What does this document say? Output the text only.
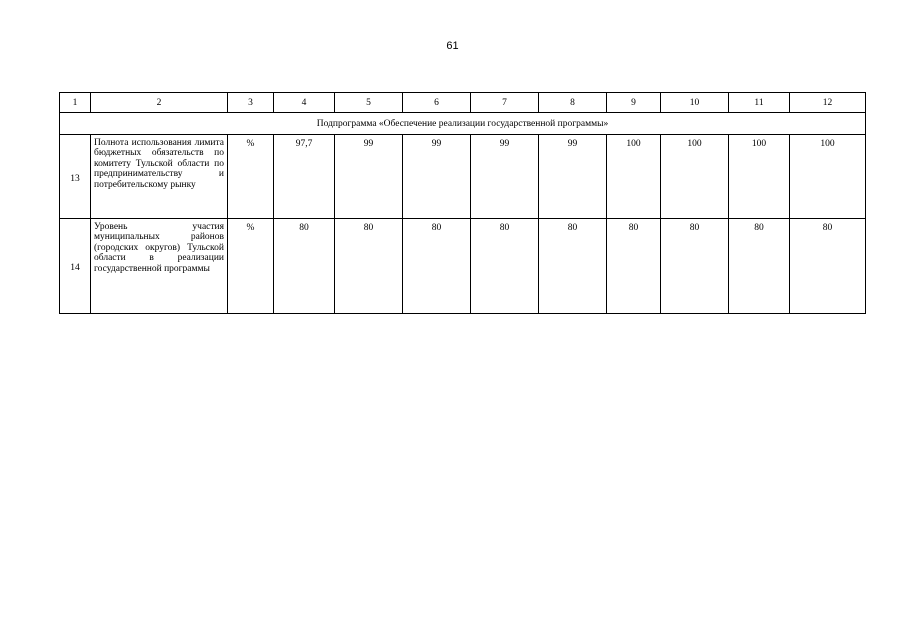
61
1	2	3	4	5	6	7	8	9	10	11	12
Подпрограмма «Обеспечение реализации государственной программы»											
13	Полнота использования лимита бюджетных обязательств по комитету Тульской области по предпринимательству и потребительскому рынку	%	97,7	99	99	99	99	100	100	100	100
14	Уровень участия муниципальных районов (городских округов) Тульской области в реализации государственной программы	%	80	80	80	80	80	80	80	80	80
